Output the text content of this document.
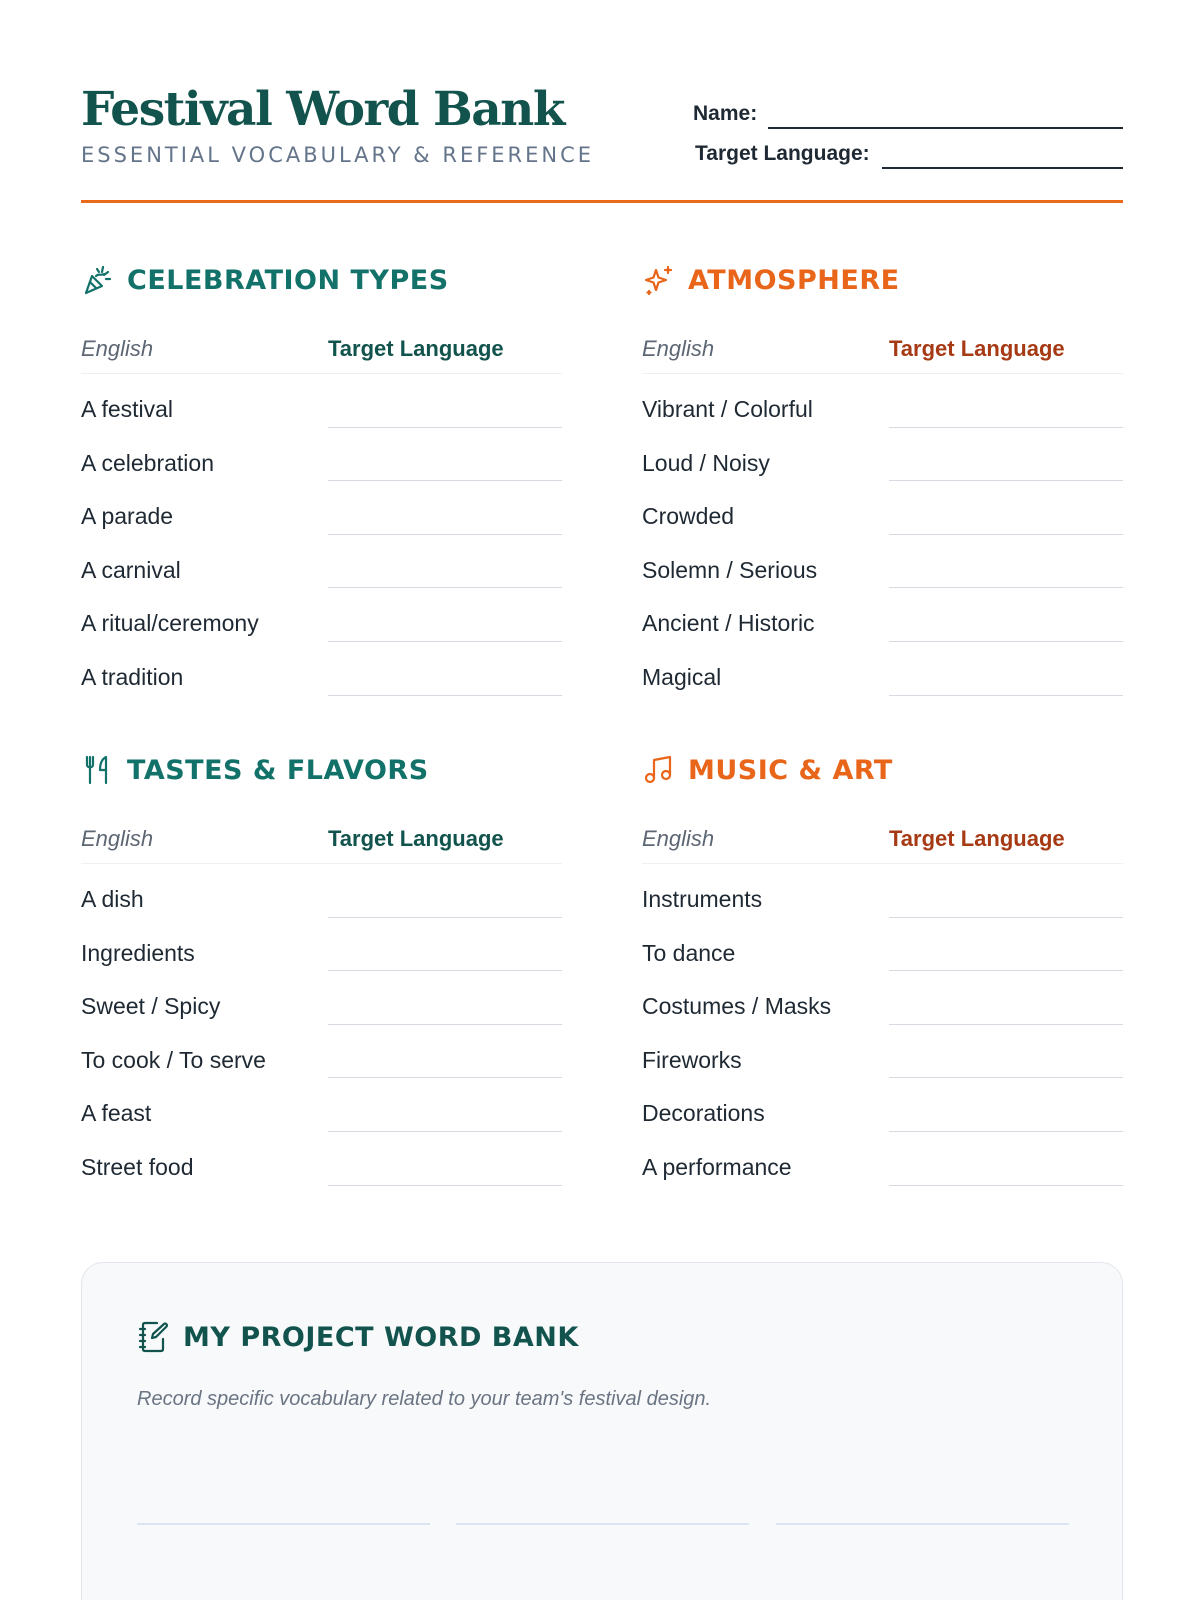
Festival Word Bank
ESSENTIAL VOCABULARY & REFERENCE
Name:
Target Language:
CELEBRATION TYPES
English	Target Language
A festival
A celebration
A parade
A carnival
A ritual/ceremony
A tradition
ATMOSPHERE
English	Target Language
Vibrant / Colorful
Loud / Noisy
Crowded
Solemn / Serious
Ancient / Historic
Magical
TASTES & FLAVORS
English	Target Language
A dish
Ingredients
Sweet / Spicy
To cook / To serve
A feast
Street food
MUSIC & ART
English	Target Language
Instruments
To dance
Costumes / Masks
Fireworks
Decorations
A performance
MY PROJECT WORD BANK
Record specific vocabulary related to your team's festival design.
